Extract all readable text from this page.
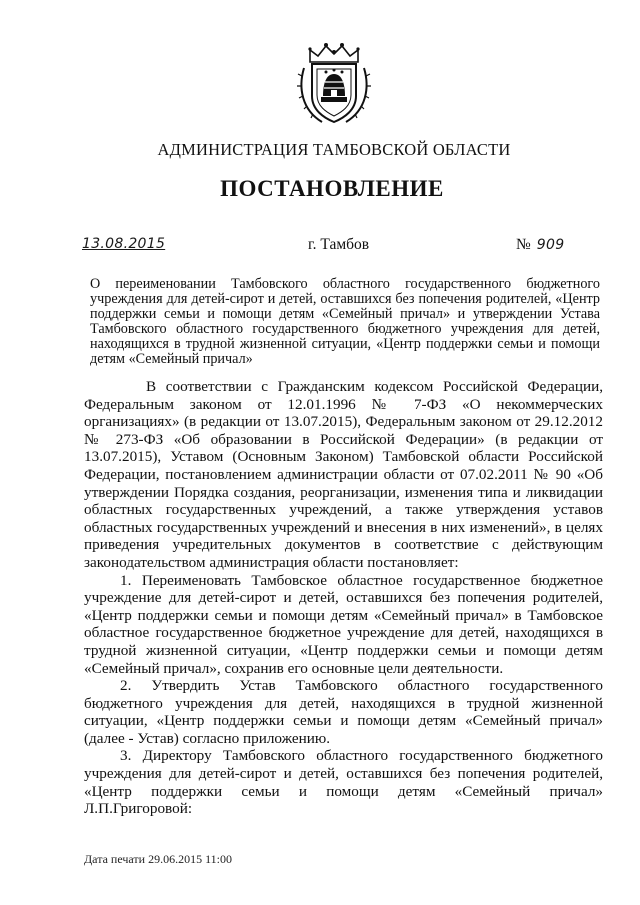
АДМИНИСТРАЦИЯ ТАМБОВСКОЙ ОБЛАСТИ
ПОСТАНОВЛЕНИЕ
13.08.2015	г. Тамбов	№ 909
О переименовании Тамбовского областного государственного бюджетного учреждения для детей-сирот и детей, оставшихся без попечения родителей, «Центр поддержки семьи и помощи детям «Семейный причал» и утверждении Устава Тамбовского областного государственного бюджетного учреждения для детей, находящихся в трудной жизненной ситуации, «Центр поддержки семьи и помощи детям «Семейный причал»

В соответствии с Гражданским кодексом Российской Федерации, Федеральным законом от 12.01.1996 № 7-ФЗ «О некоммерческих организациях» (в редакции от 13.07.2015), Федеральным законом от 29.12.2012 № 273-ФЗ «Об образовании в Российской Федерации» (в редакции от 13.07.2015), Уставом (Основным Законом) Тамбовской области Российской Федерации, постановлением администрации области от 07.02.2011 № 90 «Об утверждении Порядка создания, реорганизации, изменения типа и ликвидации областных государственных учреждений, а также утверждения уставов областных государственных учреждений и внесения в них изменений», в целях приведения учредительных документов в соответствие с действующим законодательством администрация области постановляет:

1. Переименовать Тамбовское областное государственное бюджетное учреждение для детей-сирот и детей, оставшихся без попечения родителей, «Центр поддержки семьи и помощи детям «Семейный причал» в Тамбовское областное государственное бюджетное учреждение для детей, находящихся в трудной жизненной ситуации, «Центр поддержки семьи и помощи детям «Семейный причал», сохранив его основные цели деятельности.

2. Утвердить Устав Тамбовского областного государственного бюджетного учреждения для детей, находящихся в трудной жизненной ситуации, «Центр поддержки семьи и помощи детям «Семейный причал» (далее - Устав) согласно приложению.

3. Директору Тамбовского областного государственного бюджетного учреждения для детей-сирот и детей, оставшихся без попечения родителей, «Центр поддержки семьи и помощи детям «Семейный причал» Л.П.Григоровой:

Дата печати 29.06.2015 11:00
